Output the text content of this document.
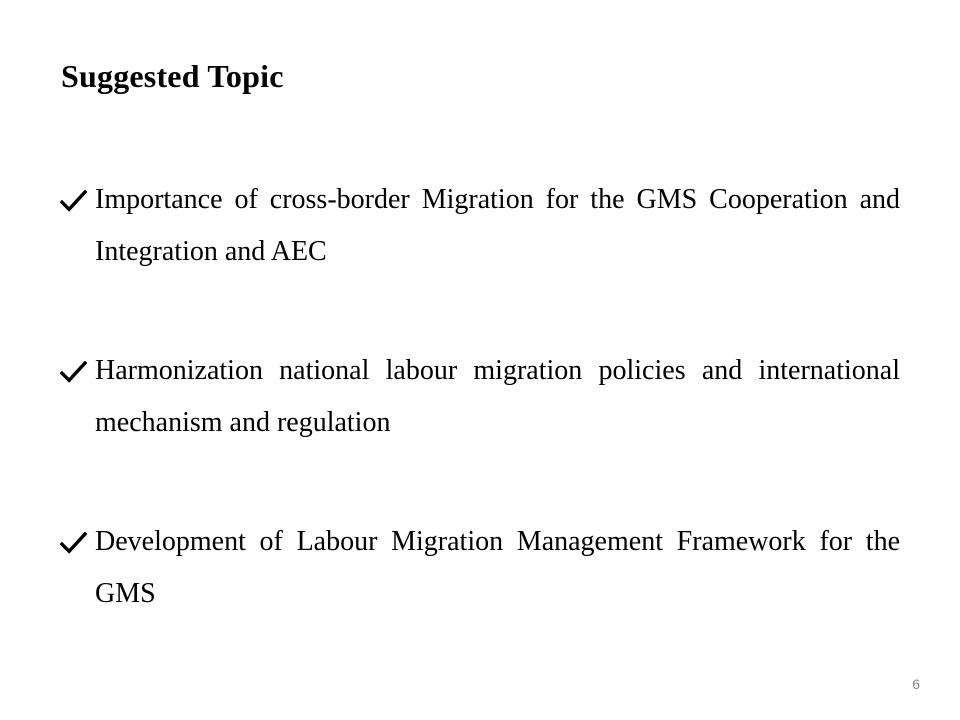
Suggested Topic
Importance of cross-border Migration for the GMS Cooperation and Integration and AEC
Harmonization national labour migration policies and international mechanism and regulation
Development of Labour Migration Management Framework for the GMS
6
